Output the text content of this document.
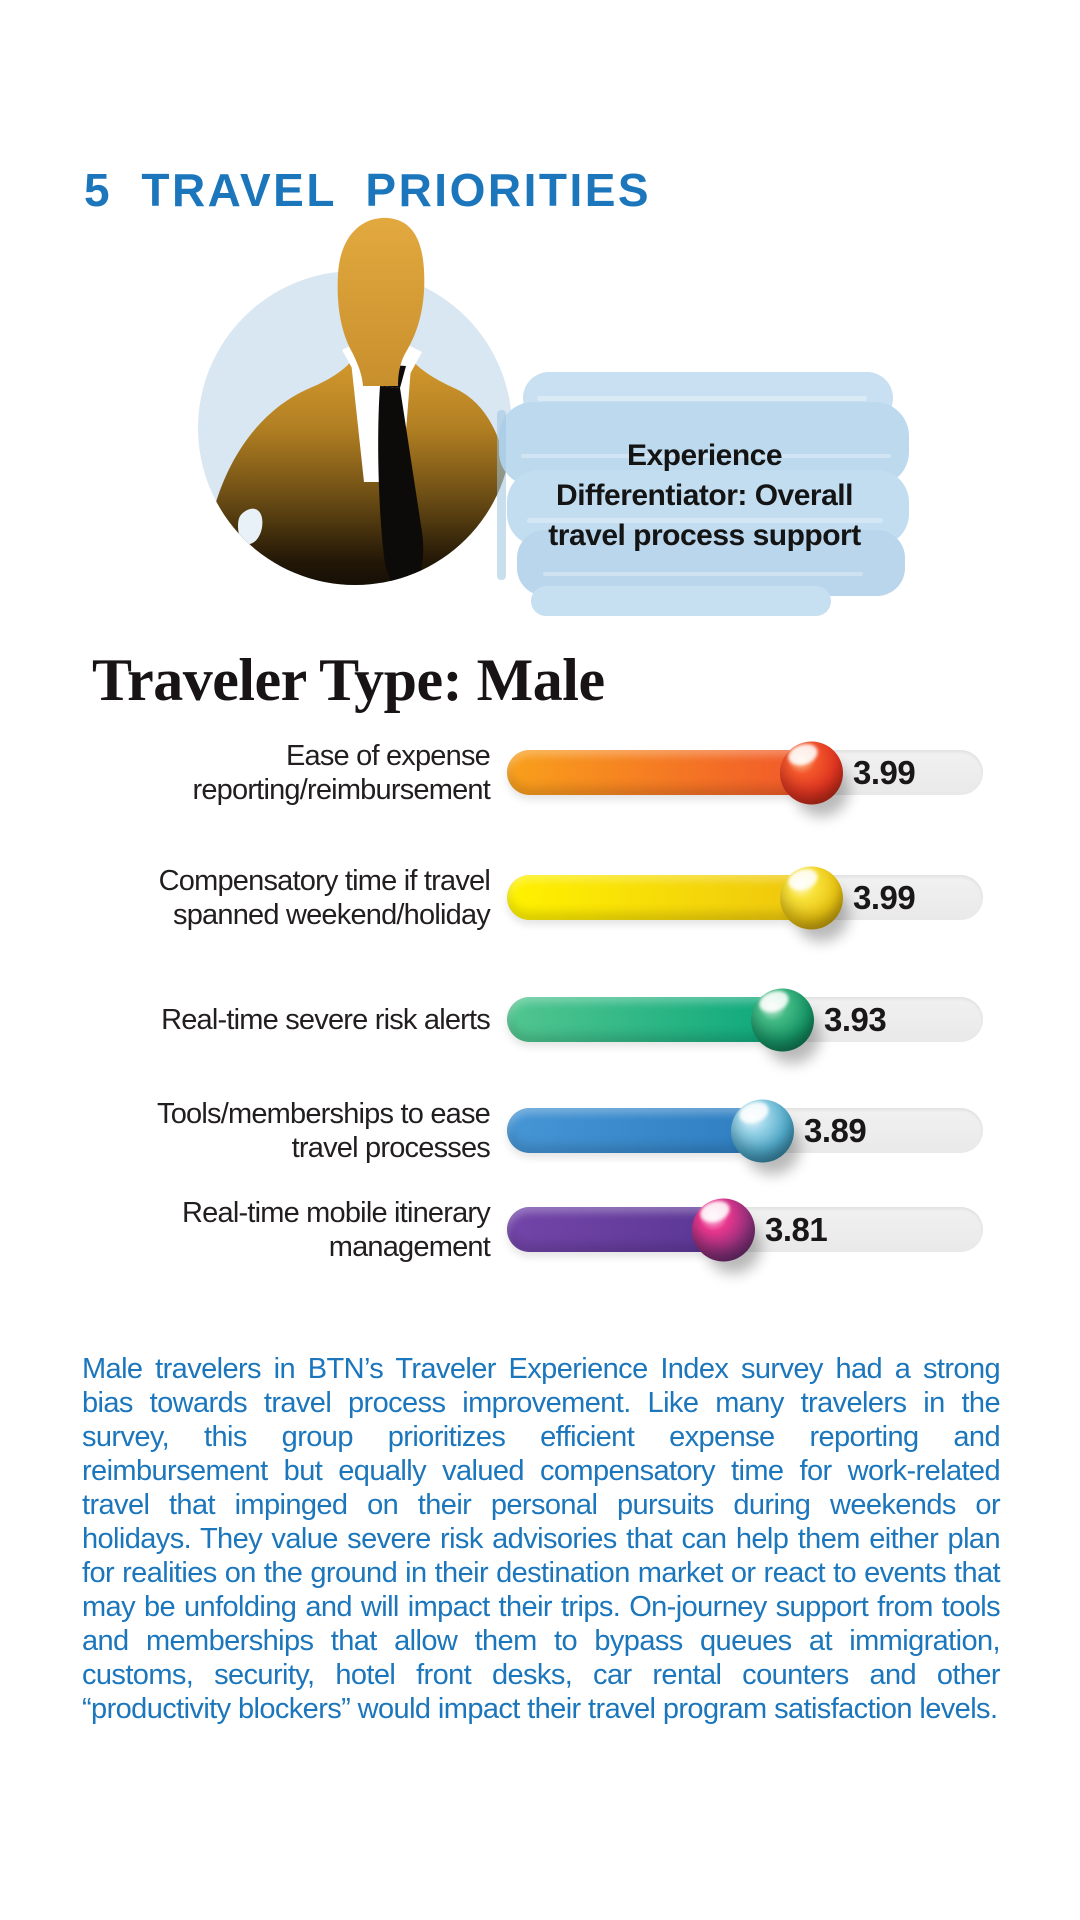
5 TRAVEL PRIORITIES
Experience Differentiator: Overall travel process support
Traveler Type: Male
Ease of expense reporting/reimbursement	3.99
Compensatory time if travel spanned weekend/holiday	3.99
Real-time severe risk alerts	3.93
Tools/memberships to ease travel processes	3.89
Real-time mobile itinerary management	3.81
Male travelers in BTN’s Traveler Experience Index survey had a strong bias towards travel process improvement. Like many travelers in the survey, this group prioritizes efficient expense reporting and reimbursement but equally valued compensatory time for work-related travel that impinged on their personal pursuits during weekends or holidays. They value severe risk advisories that can help them either plan for realities on the ground in their destination market or react to events that may be unfolding and will impact their trips. On-journey support from tools and memberships that allow them to bypass queues at immigration, customs, security, hotel front desks, car rental counters and other “productivity blockers” would impact their travel program satisfaction levels.
